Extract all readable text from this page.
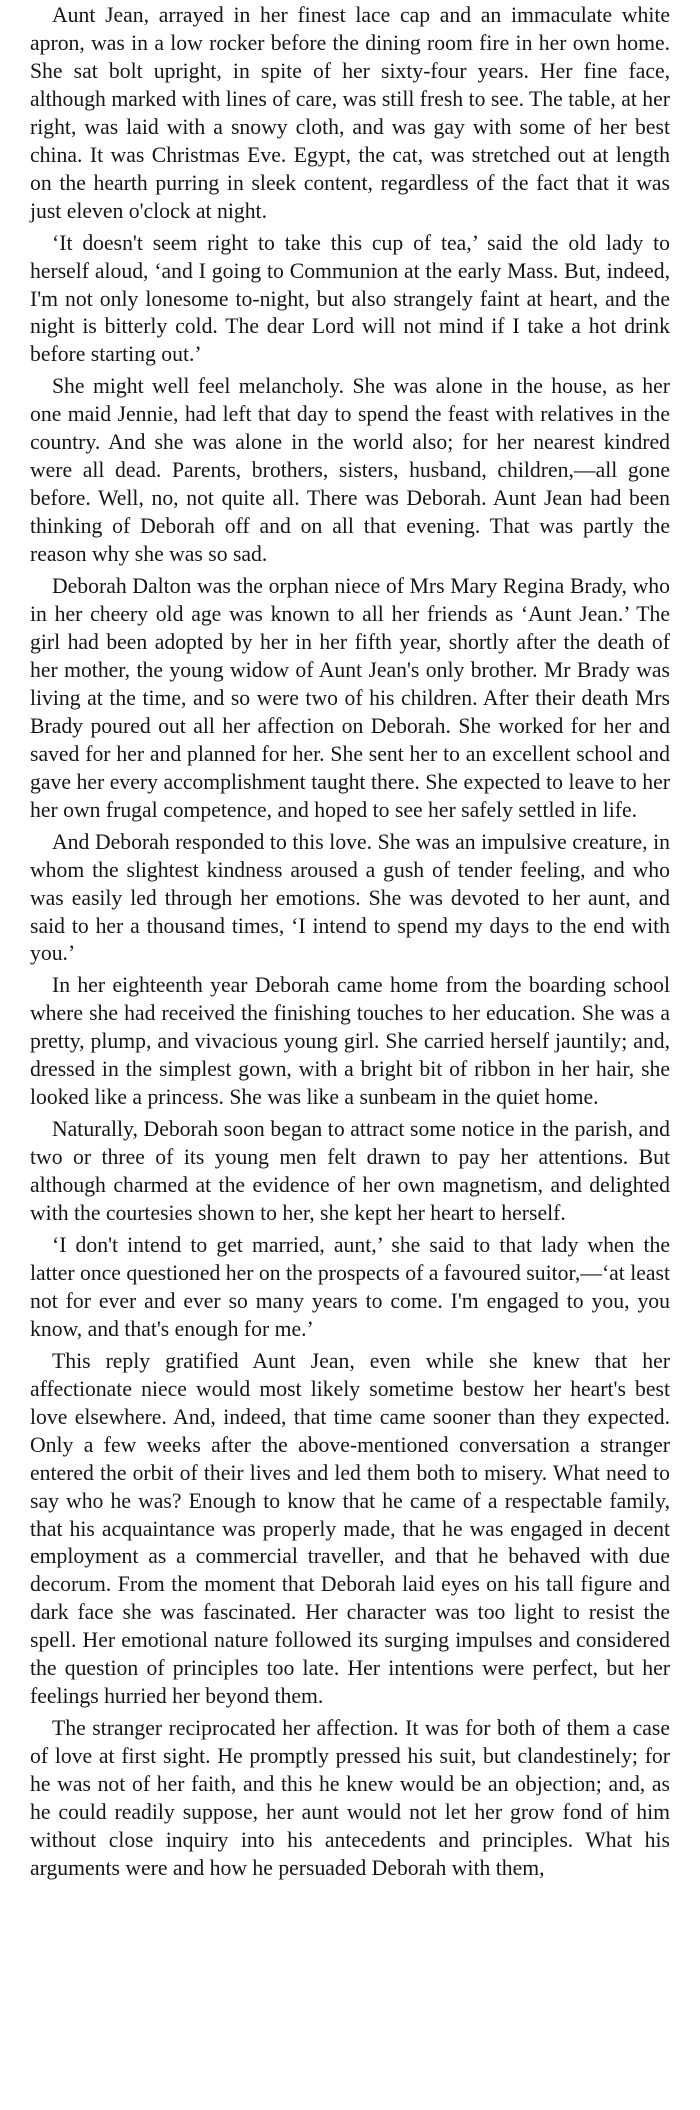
Aunt Jean, arrayed in her finest lace cap and an immaculate white apron, was in a low rocker before the dining room fire in her own home. She sat bolt upright, in spite of her sixty-four years. Her fine face, although marked with lines of care, was still fresh to see. The table, at her right, was laid with a snowy cloth, and was gay with some of her best china. It was Christmas Eve. Egypt, the cat, was stretched out at length on the hearth purring in sleek content, regardless of the fact that it was just eleven o'clock at night.

‘It doesn't seem right to take this cup of tea,’ said the old lady to herself aloud, ‘and I going to Communion at the early Mass. But, indeed, I'm not only lonesome to-night, but also strangely faint at heart, and the night is bitterly cold. The dear Lord will not mind if I take a hot drink before starting out.’

She might well feel melancholy. She was alone in the house, as her one maid Jennie, had left that day to spend the feast with relatives in the country. And she was alone in the world also; for her nearest kindred were all dead. Parents, brothers, sisters, husband, children,—all gone before. Well, no, not quite all. There was Deborah. Aunt Jean had been thinking of Deborah off and on all that evening. That was partly the reason why she was so sad.

Deborah Dalton was the orphan niece of Mrs Mary Regina Brady, who in her cheery old age was known to all her friends as ‘Aunt Jean.’ The girl had been adopted by her in her fifth year, shortly after the death of her mother, the young widow of Aunt Jean's only brother. Mr Brady was living at the time, and so were two of his children. After their death Mrs Brady poured out all her affection on Deborah. She worked for her and saved for her and planned for her. She sent her to an excellent school and gave her every accomplishment taught there. She expected to leave to her her own frugal competence, and hoped to see her safely settled in life.

And Deborah responded to this love. She was an impulsive creature, in whom the slightest kindness aroused a gush of tender feeling, and who was easily led through her emotions. She was devoted to her aunt, and said to her a thousand times, ‘I intend to spend my days to the end with you.’

In her eighteenth year Deborah came home from the boarding school where she had received the finishing touches to her education. She was a pretty, plump, and vivacious young girl. She carried herself jauntily; and, dressed in the simplest gown, with a bright bit of ribbon in her hair, she looked like a princess. She was like a sunbeam in the quiet home.

Naturally, Deborah soon began to attract some notice in the parish, and two or three of its young men felt drawn to pay her attentions. But although charmed at the evidence of her own magnetism, and delighted with the courtesies shown to her, she kept her heart to herself.

‘I don't intend to get married, aunt,’ she said to that lady when the latter once questioned her on the prospects of a favoured suitor,—‘at least not for ever and ever so many years to come. I'm engaged to you, you know, and that's enough for me.’

This reply gratified Aunt Jean, even while she knew that her affectionate niece would most likely sometime bestow her heart's best love elsewhere. And, indeed, that time came sooner than they expected. Only a few weeks after the above-mentioned conversation a stranger entered the orbit of their lives and led them both to misery. What need to say who he was? Enough to know that he came of a respectable family, that his acquaintance was properly made, that he was engaged in decent employment as a commercial traveller, and that he behaved with due decorum. From the moment that Deborah laid eyes on his tall figure and dark face she was fascinated. Her character was too light to resist the spell. Her emotional nature followed its surging impulses and considered the question of principles too late. Her intentions were perfect, but her feelings hurried her beyond them.

The stranger reciprocated her affection. It was for both of them a case of love at first sight. He promptly pressed his suit, but clandestinely; for he was not of her faith, and this he knew would be an objection; and, as he could readily suppose, her aunt would not let her grow fond of him without close inquiry into his antecedents and principles. What his arguments were and how he persuaded Deborah with them,
